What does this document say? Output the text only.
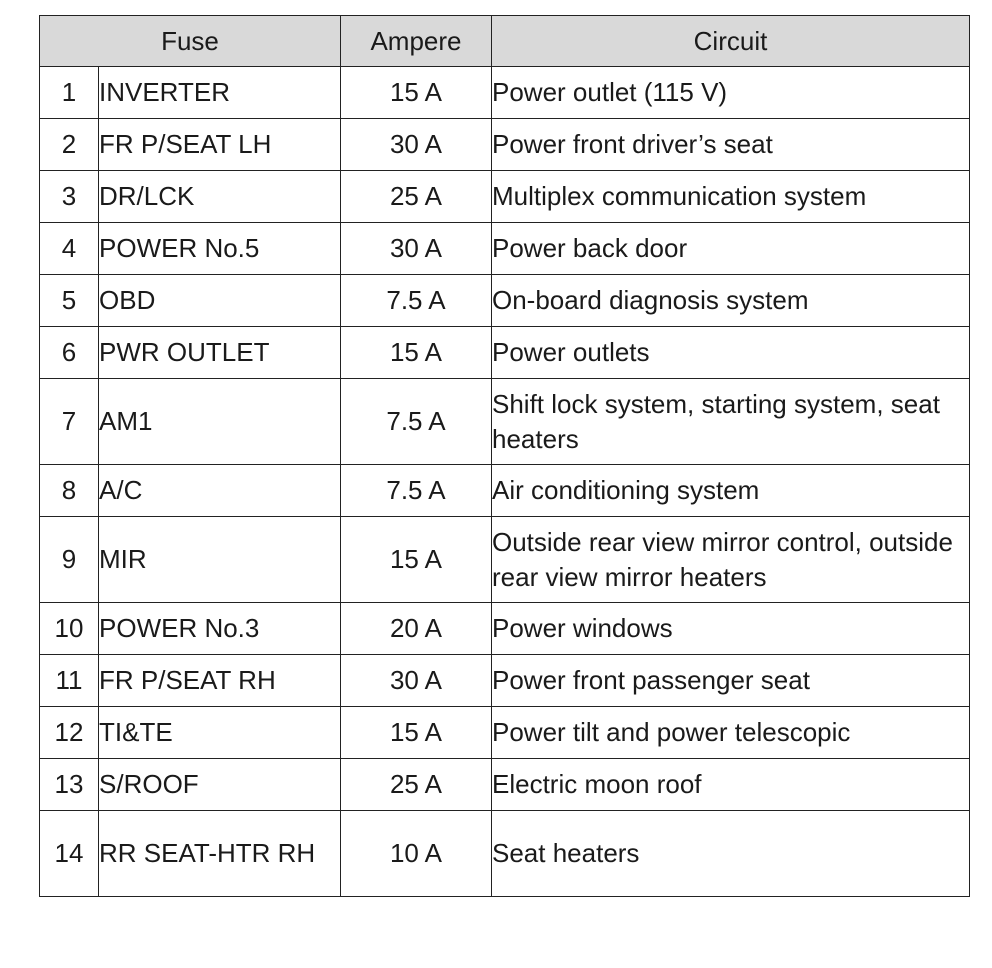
Fuse		Ampere	Circuit
1	INVERTER	15 A	Power outlet (115 V)
2	FR P/SEAT LH	30 A	Power front driver’s seat
3	DR/LCK	25 A	Multiplex communication system
4	POWER No.5	30 A	Power back door
5	OBD	7.5 A	On-board diagnosis system
6	PWR OUTLET	15 A	Power outlets
7	AM1	7.5 A	Shift lock system, starting system, seat heaters
8	A/C	7.5 A	Air conditioning system
9	MIR	15 A	Outside rear view mirror control, outside rear view mirror heaters
10	POWER No.3	20 A	Power windows
11	FR P/SEAT RH	30 A	Power front passenger seat
12	TI&TE	15 A	Power tilt and power telescopic
13	S/ROOF	25 A	Electric moon roof
14	RR SEAT-HTR RH	10 A	Seat heaters
